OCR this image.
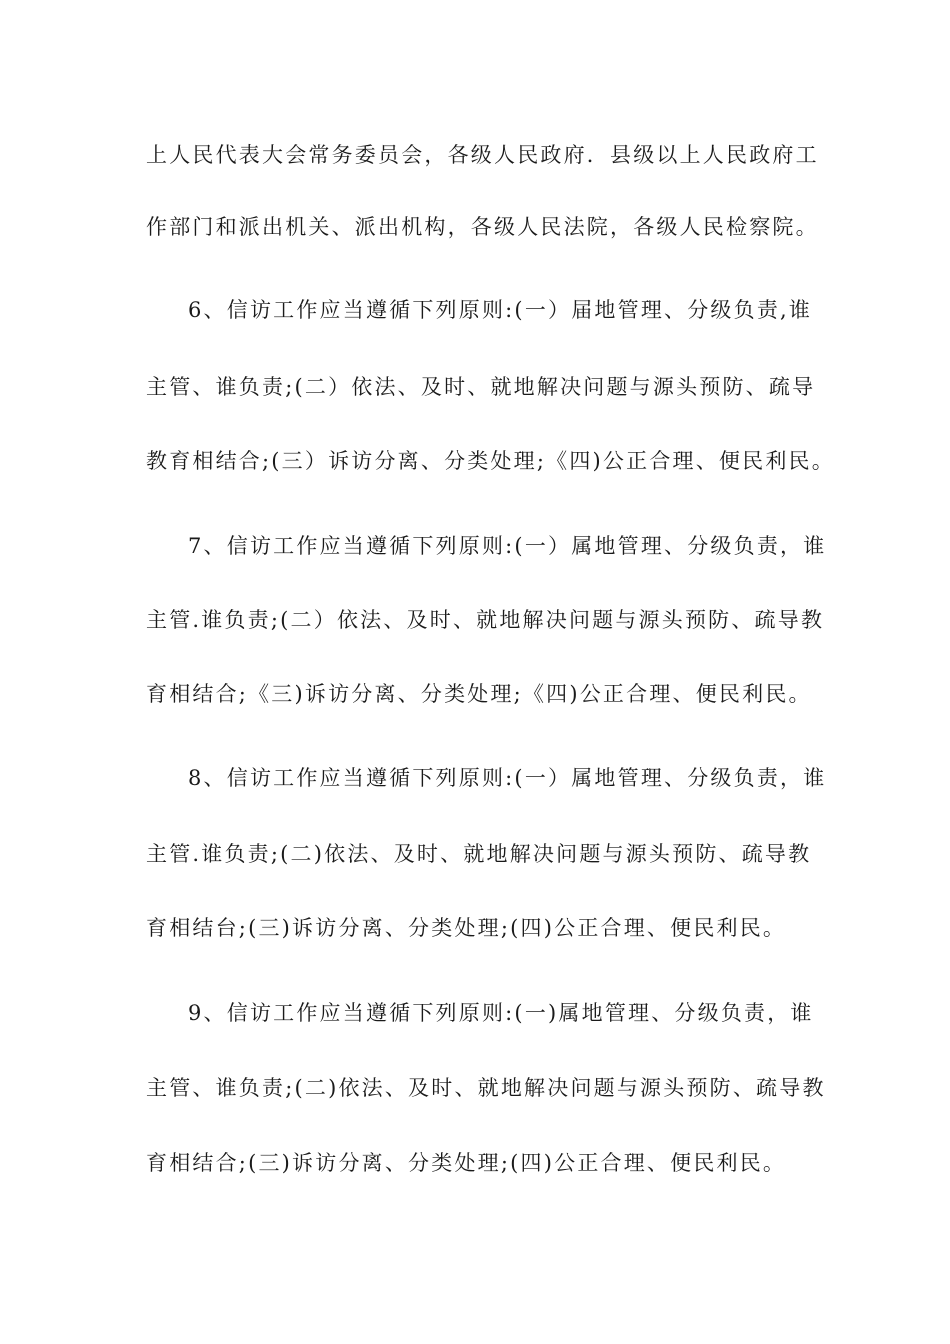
上人民代表大会常务委员会，各级人民政府．县级以上人民政府工
作部门和派出机关、派出机构，各级人民法院，各级人民检察院。
6、信访工作应当遵循下列原则:(一）届地管理、分级负责,谁
主管、谁负责;(二）依法、及时、就地解决问题与源头预防、疏导
教育相结合;(三）诉访分离、分类处理;《四)公正合理、便民利民。
7、信访工作应当遵循下列原则:(一）属地管理、分级负责，谁
主管.谁负责;(二）依法、及时、就地解决问题与源头预防、疏导教
育相结合;《三)诉访分离、分类处理;《四)公正合理、便民利民。
8、信访工作应当遵循下列原则:(一）属地管理、分级负责，谁
主管.谁负责;(二)依法、及时、就地解决问题与源头预防、疏导教
育相结台;(三)诉访分离、分类处理;(四)公正合理、便民利民。
9、信访工作应当遵循下列原则:(一)属地管理、分级负责，谁
主管、谁负责;(二)依法、及时、就地解决问题与源头预防、疏导教
育相结合;(三)诉访分离、分类处理;(四)公正合理、便民利民。
